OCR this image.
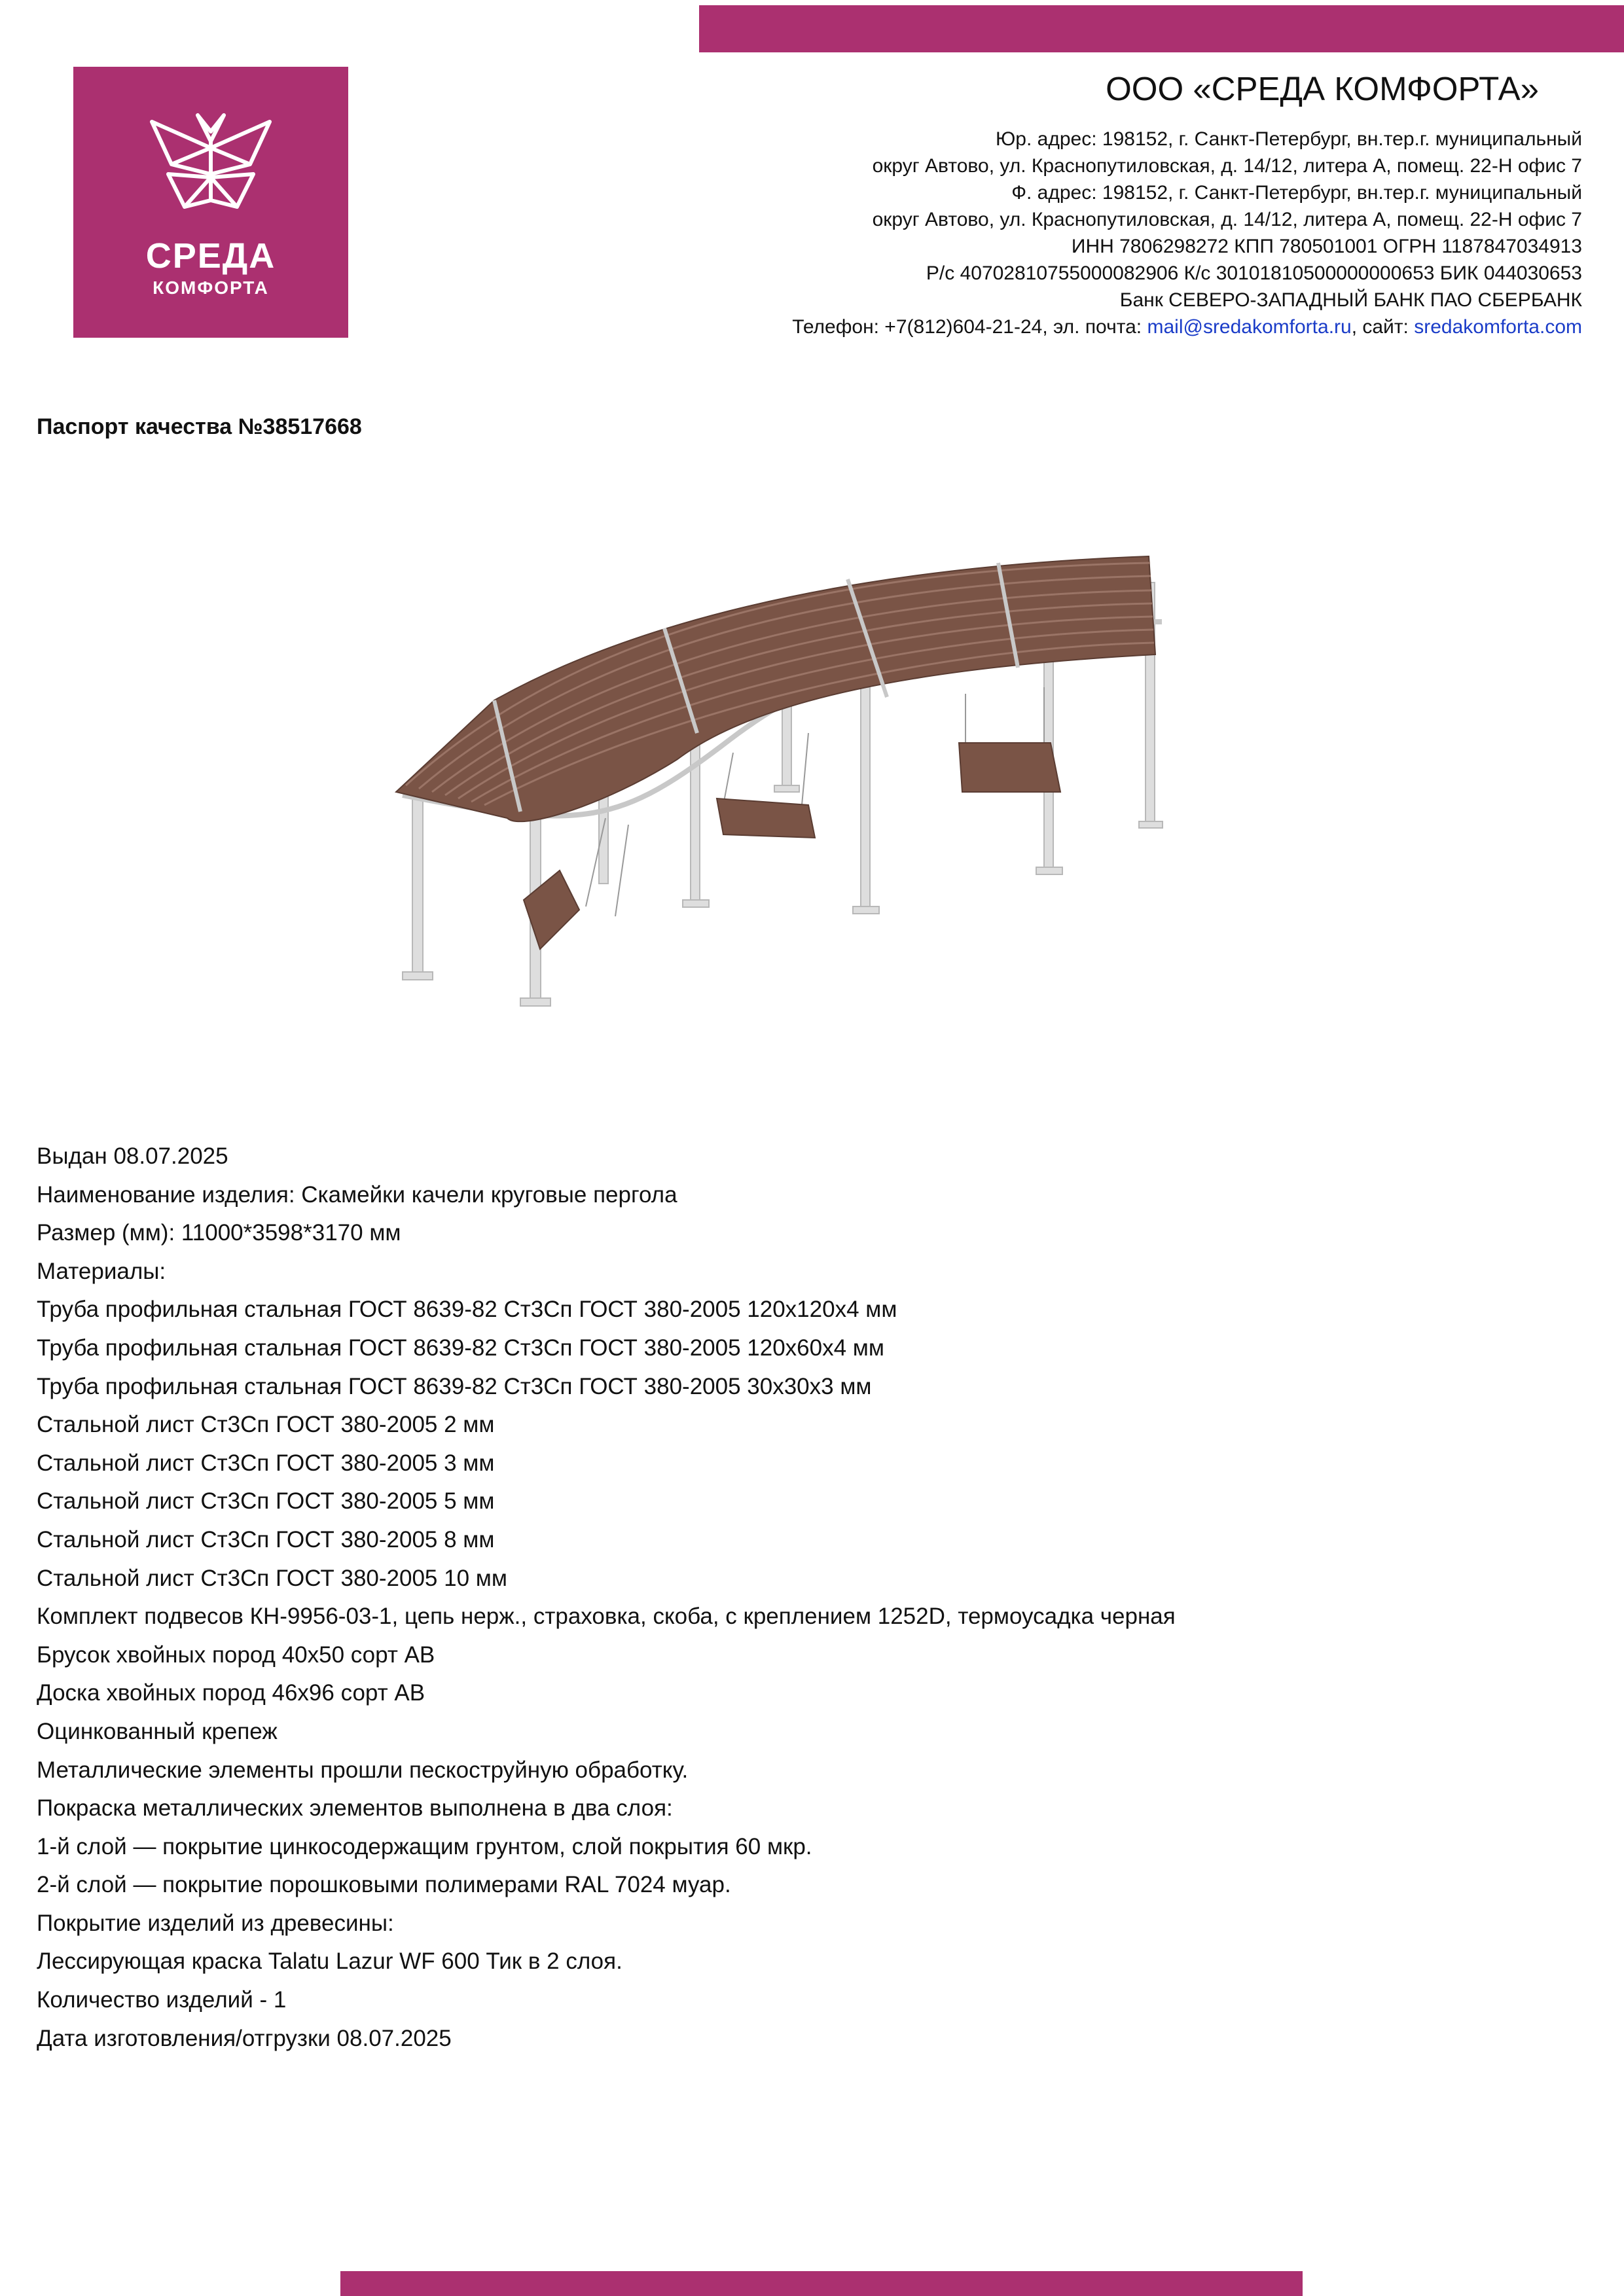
СРЕДА
КОМФОРТА
ООО «СРЕДА КОМФОРТА»
Юр. адрес: 198152, г. Санкт-Петербург, вн.тер.г. муниципальный
округ Автово, ул. Краснопутиловская, д. 14/12, литера А, помещ. 22-Н офис 7
Ф. адрес: 198152, г. Санкт-Петербург, вн.тер.г. муниципальный
округ Автово, ул. Краснопутиловская, д. 14/12, литера А, помещ. 22-Н офис 7
ИНН 7806298272 КПП 780501001 ОГРН 1187847034913
Р/с 40702810755000082906 К/с 30101810500000000653 БИК 044030653
Банк СЕВЕРО-ЗАПАДНЫЙ БАНК ПАО СБЕРБАНК
Телефон: +7(812)604-21-24, эл. почта: mail@sredakomforta.ru, сайт: sredakomforta.com
Паспорт качества №38517668
Выдан 08.07.2025
Наименование изделия: Скамейки качели круговые пергола
Размер (мм): 11000*3598*3170 мм
Материалы:
Труба профильная стальная ГОСТ 8639-82 Ст3Сп ГОСТ 380-2005 120х120х4 мм
Труба профильная стальная ГОСТ 8639-82 Ст3Сп ГОСТ 380-2005 120х60х4 мм
Труба профильная стальная ГОСТ 8639-82 Ст3Сп ГОСТ 380-2005 30х30х3 мм
Стальной лист Ст3Сп ГОСТ 380-2005 2 мм
Стальной лист Ст3Сп ГОСТ 380-2005 3 мм
Стальной лист Ст3Сп ГОСТ 380-2005 5 мм
Стальной лист Ст3Сп ГОСТ 380-2005 8 мм
Стальной лист Ст3Сп ГОСТ 380-2005 10 мм
Комплект подвесов КН-9956-03-1, цепь нерж., страховка, скоба, с креплением 1252D, термоусадка черная
Брусок хвойных пород 40х50 сорт АВ
Доска хвойных пород 46х96 сорт АВ
Оцинкованный крепеж
Металлические элементы прошли пескоструйную обработку.
Покраска металлических элементов выполнена в два слоя:
1-й слой — покрытие цинкосодержащим грунтом, слой покрытия 60 мкр.
2-й слой — покрытие порошковыми полимерами RAL 7024 муар.
Покрытие изделий из древесины:
Лессирующая краска Talatu Lazur WF 600 Тик в 2 слоя.
Количество изделий - 1
Дата изготовления/отгрузки 08.07.2025
